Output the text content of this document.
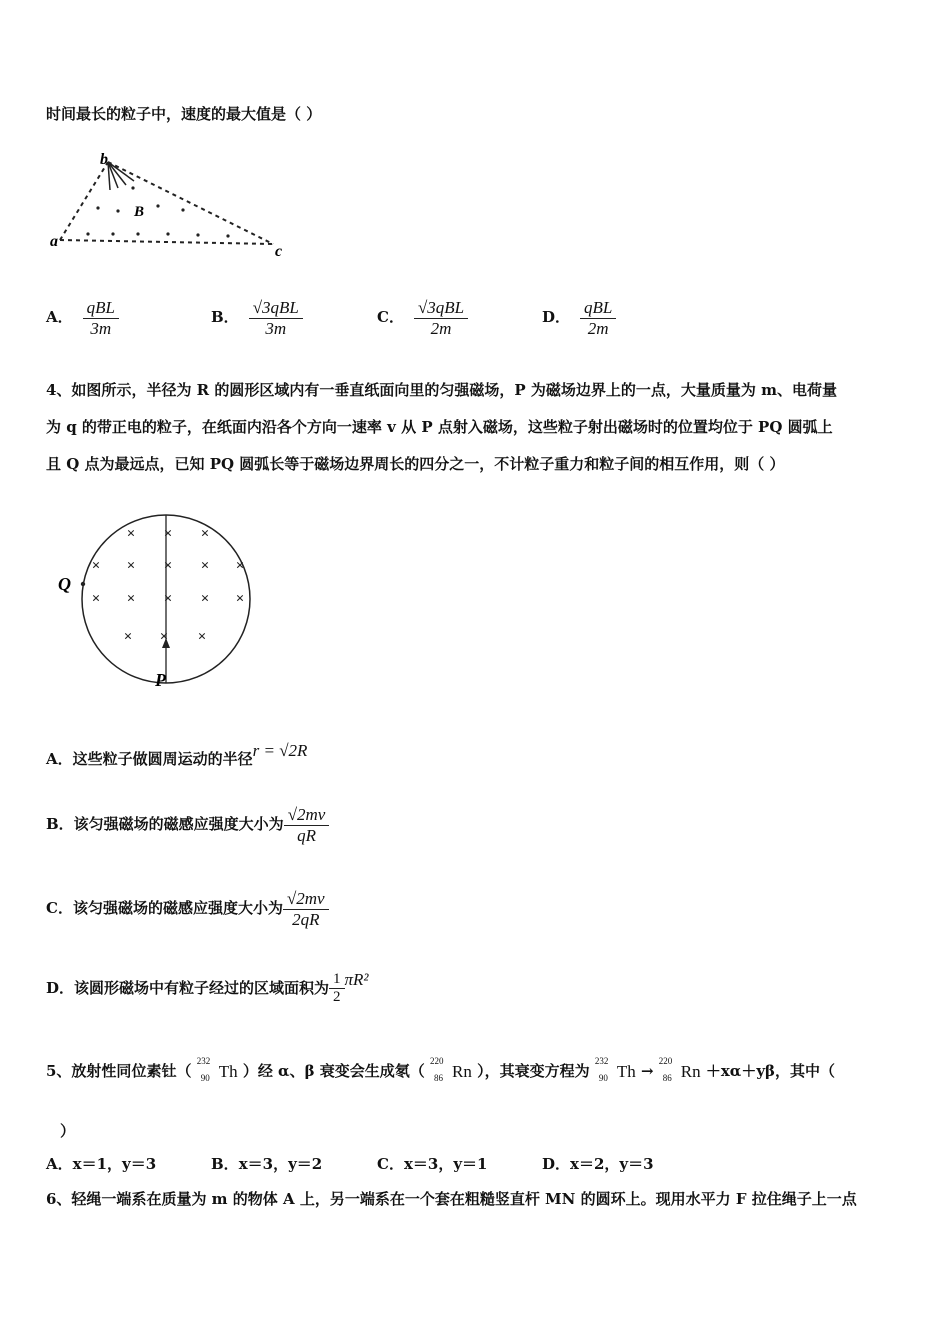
时间最长的粒子中，速度的最大值是（ ）
a
b
c
B
A． $\frac{\text{qBL}}{3m}$	B． $\frac{\text{√3qBL}}{3m}$	C． $\frac{\text{√3qBL}}{2m}$	D． $\frac{\text{qBL}}{2m}$
4、如图所示，半径为 R 的圆形区域内有一垂直纸面向里的匀强磁场，P 为磁场边界上的一点，大量质量为 m、电荷量
为 q 的带正电的粒子，在纸面内沿各个方向一速率 v 从 P 点射入磁场，这些粒子射出磁场时的位置均位于 PQ 圆弧上
且 Q 点为最远点，已知 PQ 圆弧长等于磁场边界周长的四分之一，不计粒子重力和粒子间的相互作用，则（ ）
× × ×
× × × × ×
× × × × ×
× × ×
Q
P
A．这些粒子做圆周运动的半径r = √2R
B．该匀强磁场的磁感应强度大小为 $\frac{√2mv}{qR}$
C．该匀强磁场的磁感应强度大小为 $\frac{√2mv}{2qR}$
D．该圆形磁场中有粒子经过的区域面积为 $\frac{1}{2} \pi R^2$
5、放射性同位素钍（
232
90 Th ）经 α、β 衰变会生成氡（
220
86 Rn ），其衰变方程为
232
90 Th →
220
86 Rn ＋xα＋yβ，其中（
）
A．x＝1，y＝3	B．x＝3，y＝2	C．x＝3，y＝1	D．x＝2，y＝3
6、轻绳一端系在质量为 m 的物体 A 上，另一端系在一个套在粗糙竖直杆 MN 的圆环上。现用水平力 F 拉住绳子上一点
